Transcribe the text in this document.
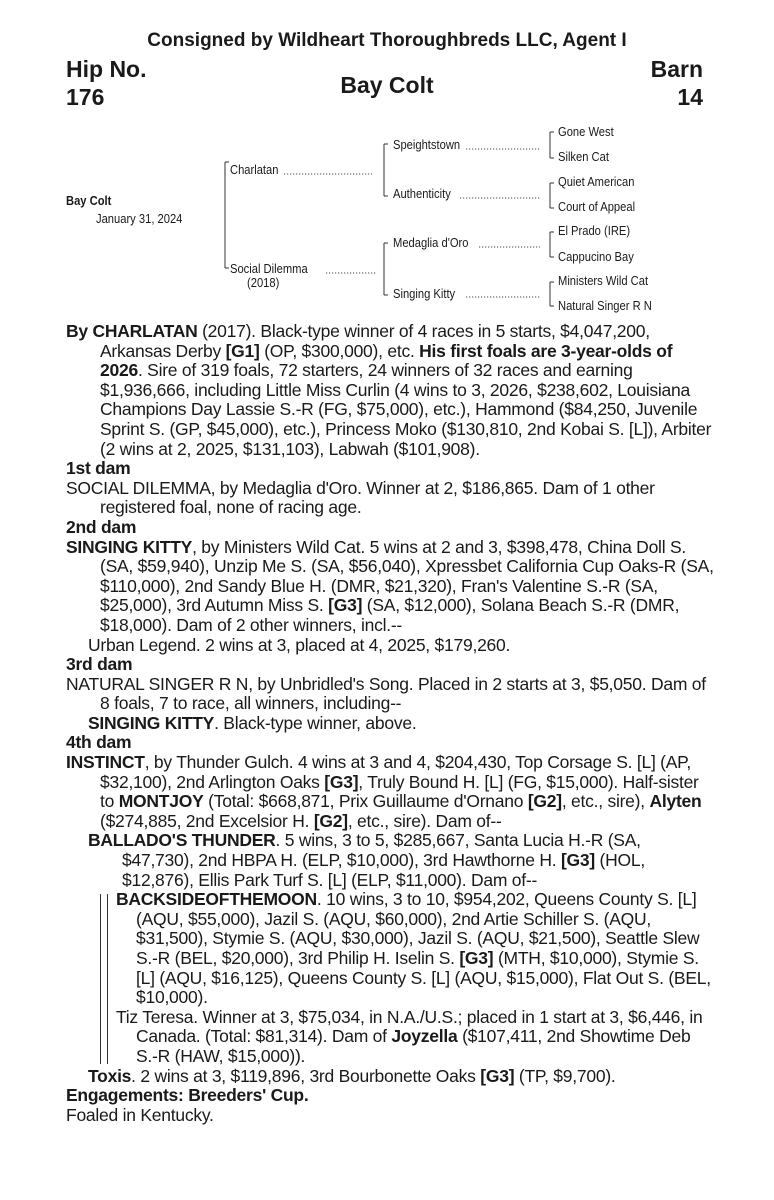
Consigned by Wildheart Thoroughbreds LLC, Agent I
Hip No.
176
Barn
14
Bay Colt
Bay Colt
January 31, 2024
Charlatan
Social Dilemma
(2018)
Speightstown
Authenticity
Medaglia d'Oro
Singing Kitty
Gone West
Silken Cat
Quiet American
Court of Appeal
El Prado (IRE)
Cappucino Bay
Ministers Wild Cat
Natural Singer R N

By CHARLATAN (2017). Black-type winner of 4 races in 5 starts, $4,047,200, Arkansas Derby [G1] (OP, $300,000), etc. His first foals are 3-year-olds of 2026. Sire of 319 foals, 72 starters, 24 winners of 32 races and earning $1,936,666, including Little Miss Curlin (4 wins to 3, 2026, $238,602, Louisiana Champions Day Lassie S.-R (FG, $75,000), etc.), Hammond ($84,250, Juvenile Sprint S. (GP, $45,000), etc.), Princess Moko ($130,810, 2nd Kobai S. [L]), Arbiter (2 wins at 2, 2025, $131,103), Labwah ($101,908).

1st dam

SOCIAL DILEMMA, by Medaglia d'Oro. Winner at 2, $186,865. Dam of 1 other registered foal, none of racing age.

2nd dam

SINGING KITTY, by Ministers Wild Cat. 5 wins at 2 and 3, $398,478, China Doll S. (SA, $59,940), Unzip Me S. (SA, $56,040), Xpressbet California Cup Oaks-R (SA, $110,000), 2nd Sandy Blue H. (DMR, $21,320), Fran's Valentine S.-R (SA, $25,000), 3rd Autumn Miss S. [G3] (SA, $12,000), Solana Beach S.-R (DMR, $18,000). Dam of 2 other winners, incl.--

Urban Legend. 2 wins at 3, placed at 4, 2025, $179,260.

3rd dam

NATURAL SINGER R N, by Unbridled's Song. Placed in 2 starts at 3, $5,050. Dam of 8 foals, 7 to race, all winners, including--

SINGING KITTY. Black-type winner, above.

4th dam

INSTINCT, by Thunder Gulch. 4 wins at 3 and 4, $204,430, Top Corsage S. [L] (AP, $32,100), 2nd Arlington Oaks [G3], Truly Bound H. [L] (FG, $15,000). Half-sister to MONTJOY (Total: $668,871, Prix Guillaume d'Ornano [G2], etc., sire), Alyten ($274,885, 2nd Excelsior H. [G2], etc., sire). Dam of--

BALLADO'S THUNDER. 5 wins, 3 to 5, $285,667, Santa Lucia H.-R (SA, $47,730), 2nd HBPA H. (ELP, $10,000), 3rd Hawthorne H. [G3] (HOL, $12,876), Ellis Park Turf S. [L] (ELP, $11,000). Dam of--

BACKSIDEOFTHEMOON. 10 wins, 3 to 10, $954,202, Queens County S. [L] (AQU, $55,000), Jazil S. (AQU, $60,000), 2nd Artie Schiller S. (AQU, $31,500), Stymie S. (AQU, $30,000), Jazil S. (AQU, $21,500), Seattle Slew S.-R (BEL, $20,000), 3rd Philip H. Iselin S. [G3] (MTH, $10,000), Stymie S. [L] (AQU, $16,125), Queens County S. [L] (AQU, $15,000), Flat Out S. (BEL, $10,000).

Tiz Teresa. Winner at 3, $75,034, in N.A./U.S.; placed in 1 start at 3, $6,446, in Canada. (Total: $81,314). Dam of Joyzella ($107,411, 2nd Showtime Deb S.-R (HAW, $15,000)).

Toxis. 2 wins at 3, $119,896, 3rd Bourbonette Oaks [G3] (TP, $9,700).

Engagements: Breeders' Cup.

Foaled in Kentucky.
